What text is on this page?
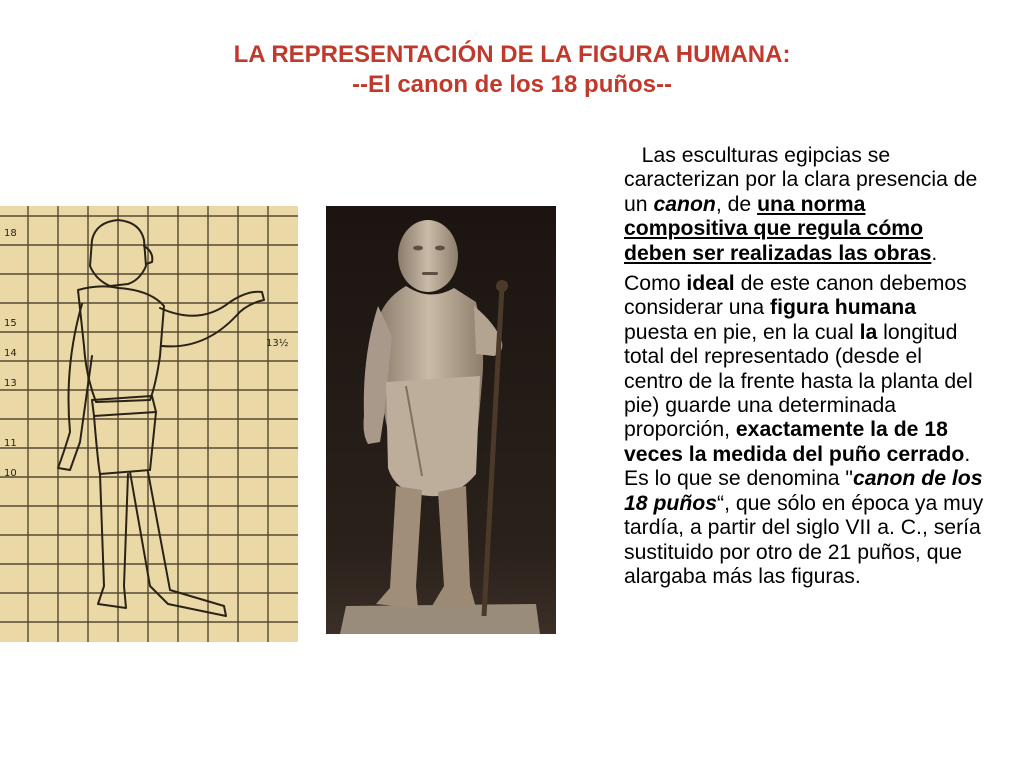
LA REPRESENTACIÓN DE LA FIGURA HUMANA:
--El canon de los 18 puños--
18
15
14
13
11
10
13½

Las esculturas egipcias se caracterizan por la clara presencia de un canon, de una norma compositiva que regula cómo deben ser realizadas las obras.

Como ideal de este canon debemos considerar una figura humana puesta en pie, en la cual la longitud total del representado (desde el centro de la frente hasta la planta del pie) guarde una determinada proporción, exactamente la de 18 veces la medida del puño cerrado. Es lo que se denomina "canon de los 18 puños“, que sólo en época ya muy tardía, a partir del siglo VII a. C., sería sustituido por otro de 21 puños, que alargaba más las figuras.
